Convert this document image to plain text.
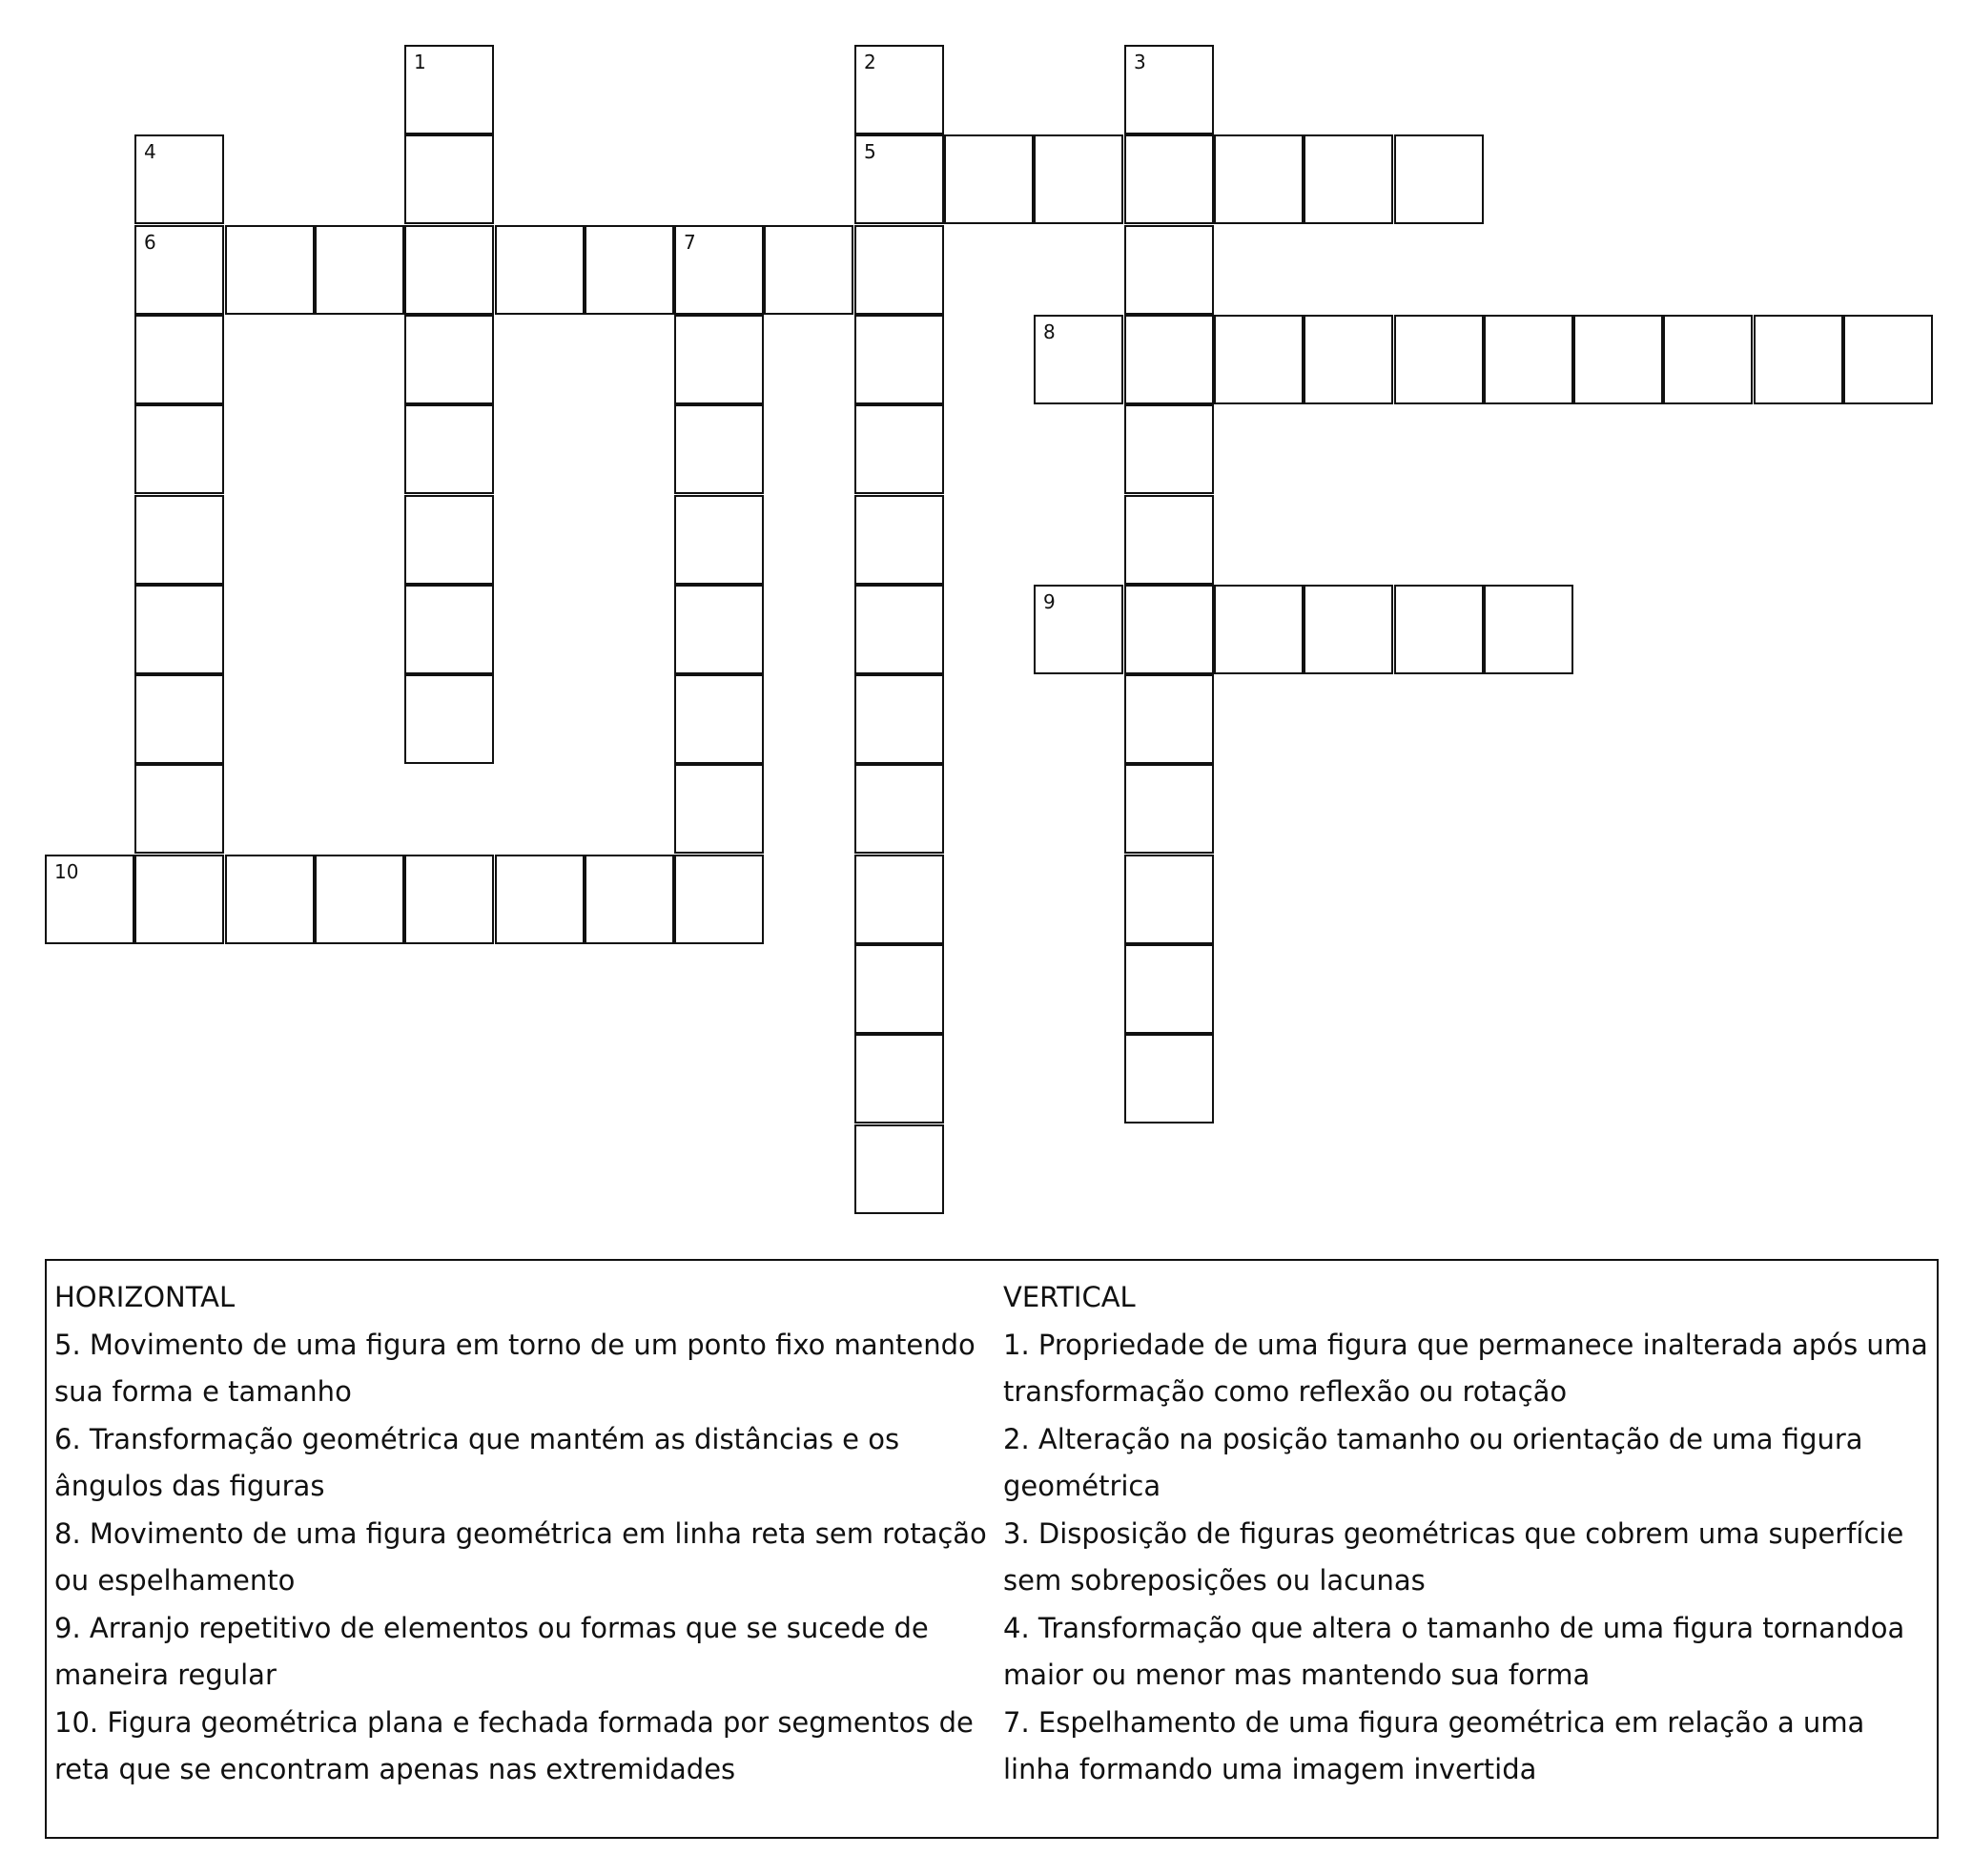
1	2
5
3
4
6	7
8
9
10
HORIZONTAL
5. Movimento de uma figura em torno de um ponto fixo mantendo sua forma e tamanho
6. Transformação geométrica que mantém as distâncias e os ângulos das figuras
8. Movimento de uma figura geométrica em linha reta sem rotação ou espelhamento
9. Arranjo repetitivo de elementos ou formas que se sucede de maneira regular
10. Figura geométrica plana e fechada formada por segmentos de reta que se encontram apenas nas extremidades
VERTICAL
1. Propriedade de uma figura que permanece inalterada após uma transformação como reflexão ou rotação
2. Alteração na posição tamanho ou orientação de uma figura geométrica
3. Disposição de figuras geométricas que cobrem uma superfície sem sobreposições ou lacunas
4. Transformação que altera o tamanho de uma figura tornandoa maior ou menor mas mantendo sua forma
7. Espelhamento de uma figura geométrica em relação a uma linha formando uma imagem invertida
